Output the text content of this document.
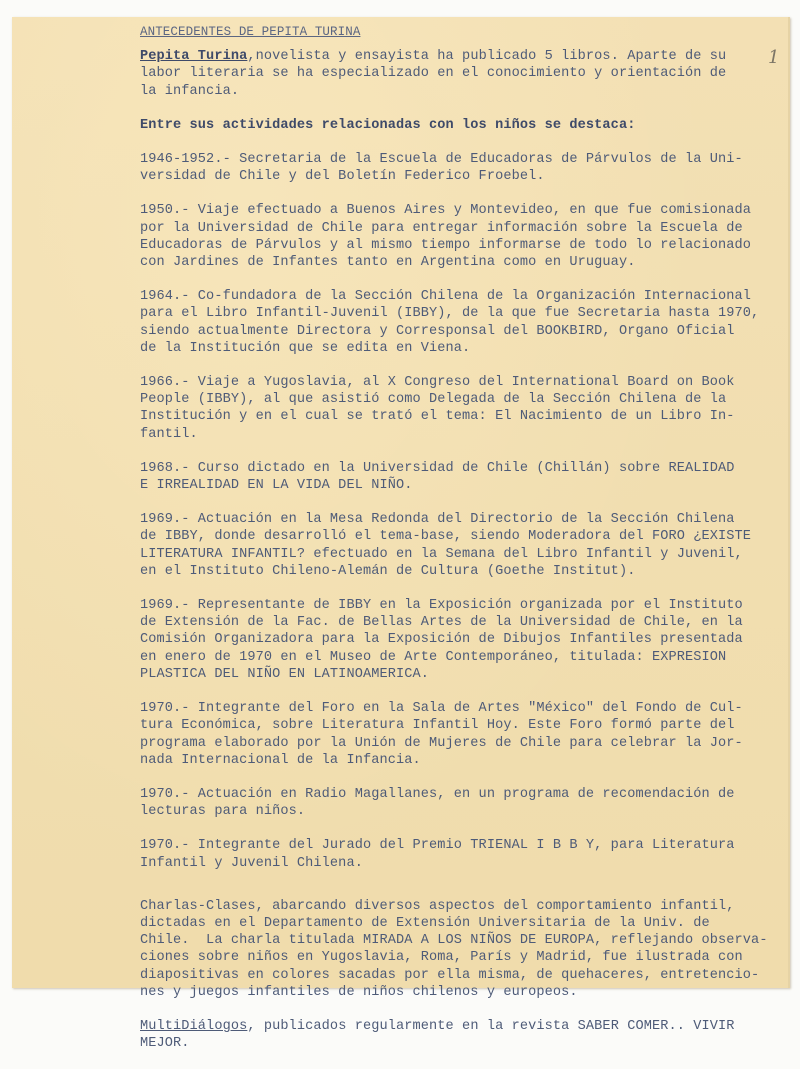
1

ANTECEDENTES DE PEPITA TURINA

Pepita Turina,novelista y ensayista ha publicado 5 libros. Aparte de su

labor literaria se ha especializado en el conocimiento y orientación de

la infancia.

Entre sus actividades relacionadas con los niños se destaca:

1946-1952.- Secretaria de la Escuela de Educadoras de Párvulos de la Uni-

versidad de Chile y del Boletín Federico Froebel.

1950.- Viaje efectuado a Buenos Aires y Montevideo, en que fue comisionada

por la Universidad de Chile para entregar información sobre la Escuela de

Educadoras de Párvulos y al mismo tiempo informarse de todo lo relacionado

con Jardines de Infantes tanto en Argentina como en Uruguay.

1964.- Co-fundadora de la Sección Chilena de la Organización Internacional

para el Libro Infantil-Juvenil (IBBY), de la que fue Secretaria hasta 1970,

siendo actualmente Directora y Corresponsal del BOOKBIRD, Organo Oficial

de la Institución que se edita en Viena.

1966.- Viaje a Yugoslavia, al X Congreso del International Board on Book

People (IBBY), al que asistió como Delegada de la Sección Chilena de la

Institución y en el cual se trató el tema: El Nacimiento de un Libro In-

fantil.

1968.- Curso dictado en la Universidad de Chile (Chillán) sobre REALIDAD

E IRREALIDAD EN LA VIDA DEL NIÑO.

1969.- Actuación en la Mesa Redonda del Directorio de la Sección Chilena

de IBBY, donde desarrolló el tema-base, siendo Moderadora del FORO ¿EXISTE

LITERATURA INFANTIL? efectuado en la Semana del Libro Infantil y Juvenil,

en el Instituto Chileno-Alemán de Cultura (Goethe Institut).

1969.- Representante de IBBY en la Exposición organizada por el Instituto

de Extensión de la Fac. de Bellas Artes de la Universidad de Chile, en la

Comisión Organizadora para la Exposición de Dibujos Infantiles presentada

en enero de 1970 en el Museo de Arte Contemporáneo, titulada: EXPRESION

PLASTICA DEL NIÑO EN LATINOAMERICA.

1970.- Integrante del Foro en la Sala de Artes "México" del Fondo de Cul-

tura Económica, sobre Literatura Infantil Hoy. Este Foro formó parte del

programa elaborado por la Unión de Mujeres de Chile para celebrar la Jor-

nada Internacional de la Infancia.

1970.- Actuación en Radio Magallanes, en un programa de recomendación de

lecturas para niños.

1970.- Integrante del Jurado del Premio TRIENAL I B B Y, para Literatura

Infantil y Juvenil Chilena.

Charlas-Clases, abarcando diversos aspectos del comportamiento infantil,

dictadas en el Departamento de Extensión Universitaria de la Univ. de

Chile.  La charla titulada MIRADA A LOS NIÑOS DE EUROPA, reflejando observa-

ciones sobre niños en Yugoslavia, Roma, París y Madrid, fue ilustrada con

diapositivas en colores sacadas por ella misma, de quehaceres, entretencio-

nes y juegos infantiles de niños chilenos y europeos.

MultiDiálogos, publicados regularmente en la revista SABER COMER.. VIVIR

MEJOR.
